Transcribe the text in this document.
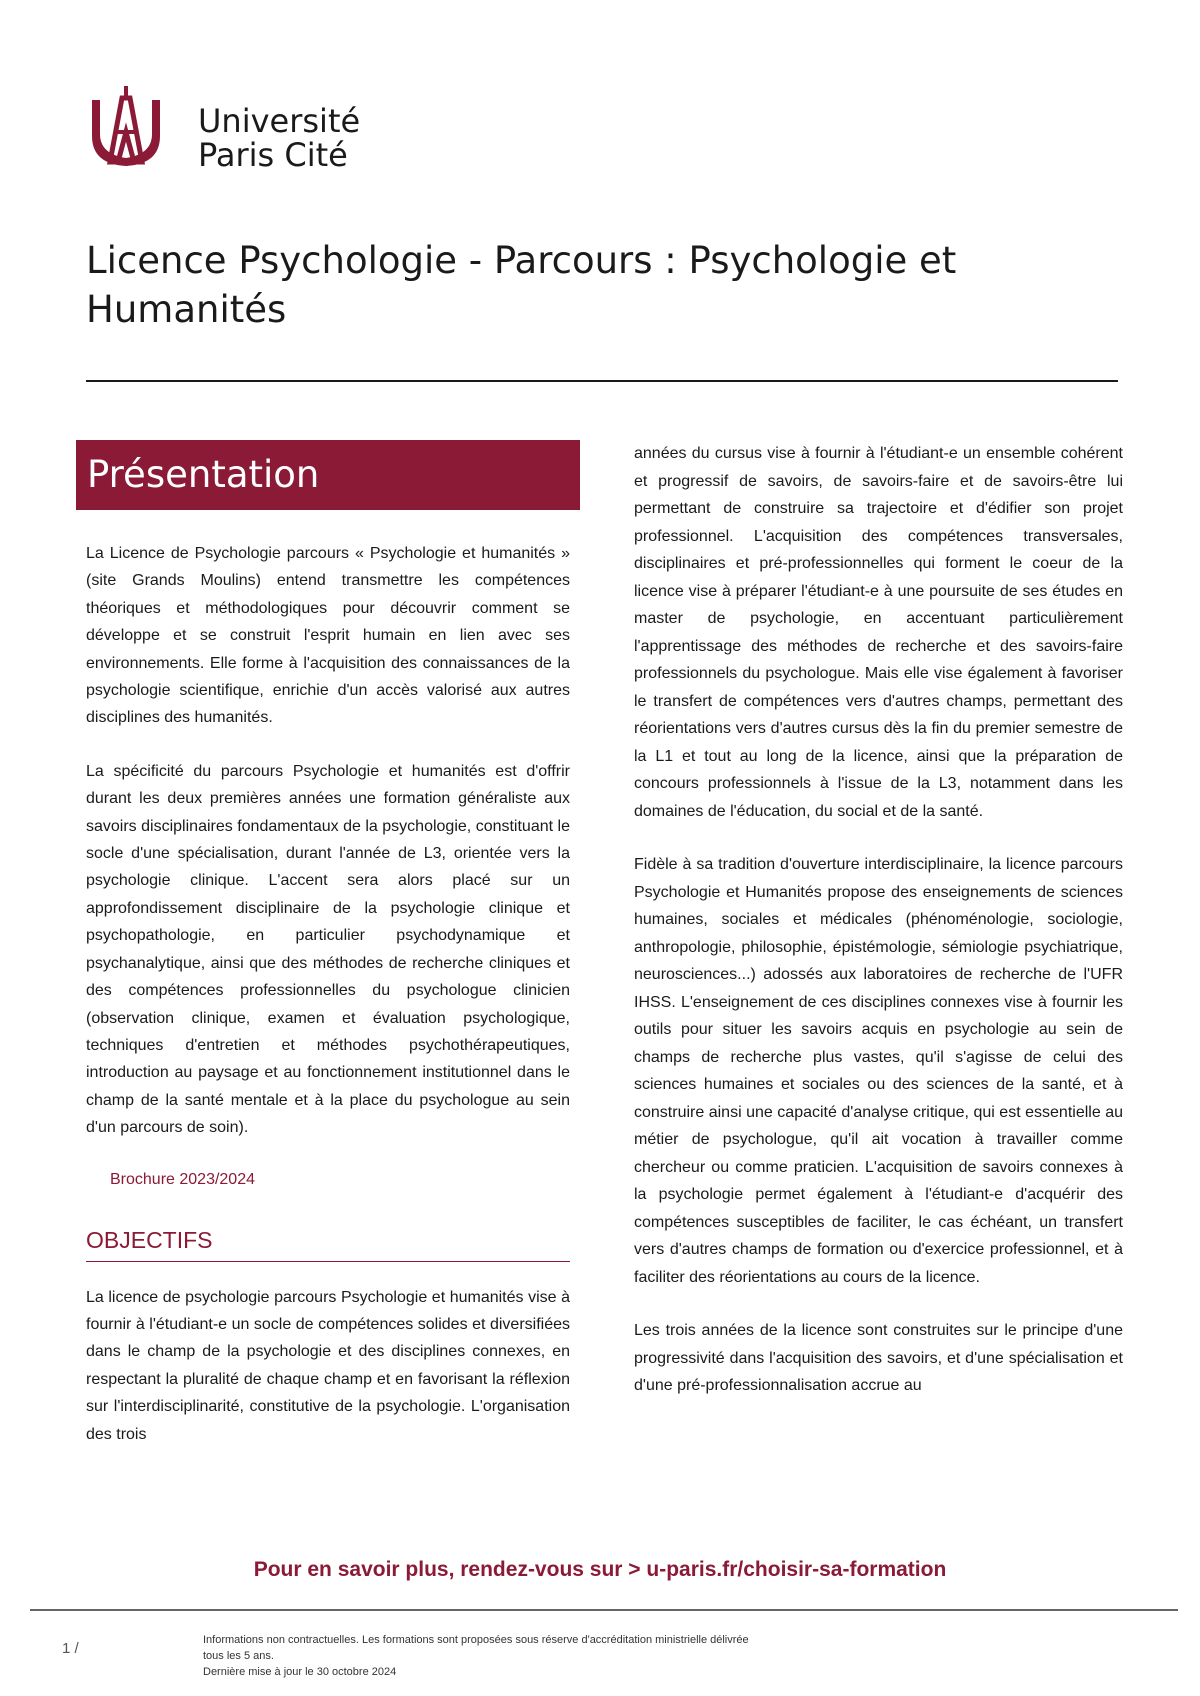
Université
Paris Cité
Licence Psychologie - Parcours : Psychologie et Humanités
Présentation

La Licence de Psychologie parcours « Psychologie et humanités » (site Grands Moulins) entend transmettre les compétences théoriques et méthodologiques pour découvrir comment se développe et se construit l'esprit humain en lien avec ses environnements. Elle forme à l'acquisition des connaissances de la psychologie scientifique, enrichie d'un accès valorisé aux autres disciplines des humanités.

La spécificité du parcours Psychologie et humanités est d'offrir durant les deux premières années une formation généraliste aux savoirs disciplinaires fondamentaux de la psychologie, constituant le socle d'une spécialisation, durant l'année de L3, orientée vers la psychologie clinique. L'accent sera alors placé sur un approfondissement disciplinaire de la psychologie clinique et psychopathologie, en particulier psychodynamique et psychanalytique, ainsi que des méthodes de recherche cliniques et des compétences professionnelles du psychologue clinicien (observation clinique, examen et évaluation psychologique, techniques d'entretien et méthodes psychothérapeutiques, introduction au paysage et au fonctionnement institutionnel dans le champ de la santé mentale et à la place du psychologue au sein d'un parcours de soin).

Brochure 2023/2024
OBJECTIFS

La licence de psychologie parcours Psychologie et humanités vise à fournir à l'étudiant-e un socle de compétences solides et diversifiées dans le champ de la psychologie et des disciplines connexes, en respectant la pluralité de chaque champ et en favorisant la réflexion sur l'interdisciplinarité, constitutive de la psychologie. L'organisation des trois

années du cursus vise à fournir à l'étudiant-e un ensemble cohérent et progressif de savoirs, de savoirs-faire et de savoirs-être lui permettant de construire sa trajectoire et d'édifier son projet professionnel. L'acquisition des compétences transversales, disciplinaires et pré-professionnelles qui forment le coeur de la licence vise à préparer l'étudiant-e à une poursuite de ses études en master de psychologie, en accentuant particulièrement l'apprentissage des méthodes de recherche et des savoirs-faire professionnels du psychologue. Mais elle vise également à favoriser le transfert de compétences vers d'autres champs, permettant des réorientations vers d'autres cursus dès la fin du premier semestre de la L1 et tout au long de la licence, ainsi que la préparation de concours professionnels à l'issue de la L3, notamment dans les domaines de l'éducation, du social et de la santé.

Fidèle à sa tradition d'ouverture interdisciplinaire, la licence parcours Psychologie et Humanités propose des enseignements de sciences humaines, sociales et médicales (phénoménologie, sociologie, anthropologie, philosophie, épistémologie, sémiologie psychiatrique, neurosciences...) adossés aux laboratoires de recherche de l'UFR IHSS. L'enseignement de ces disciplines connexes vise à fournir les outils pour situer les savoirs acquis en psychologie au sein de champs de recherche plus vastes, qu'il s'agisse de celui des sciences humaines et sociales ou des sciences de la santé, et à construire ainsi une capacité d'analyse critique, qui est essentielle au métier de psychologue, qu'il ait vocation à travailler comme chercheur ou comme praticien. L'acquisition de savoirs connexes à la psychologie permet également à l'étudiant-e d'acquérir des compétences susceptibles de faciliter, le cas échéant, un transfert vers d'autres champs de formation ou d'exercice professionnel, et à faciliter des réorientations au cours de la licence.

Les trois années de la licence sont construites sur le principe d'une progressivité dans l'acquisition des savoirs, et d'une spécialisation et d'une pré-professionnalisation accrue au

Pour en savoir plus, rendez-vous sur > u-paris.fr/choisir-sa-formation
1 /	Informations non contractuelles. Les formations sont proposées sous réserve d'accréditation ministrielle délivrée
tous les 5 ans.
Dernière mise à jour le 30 octobre 2024
